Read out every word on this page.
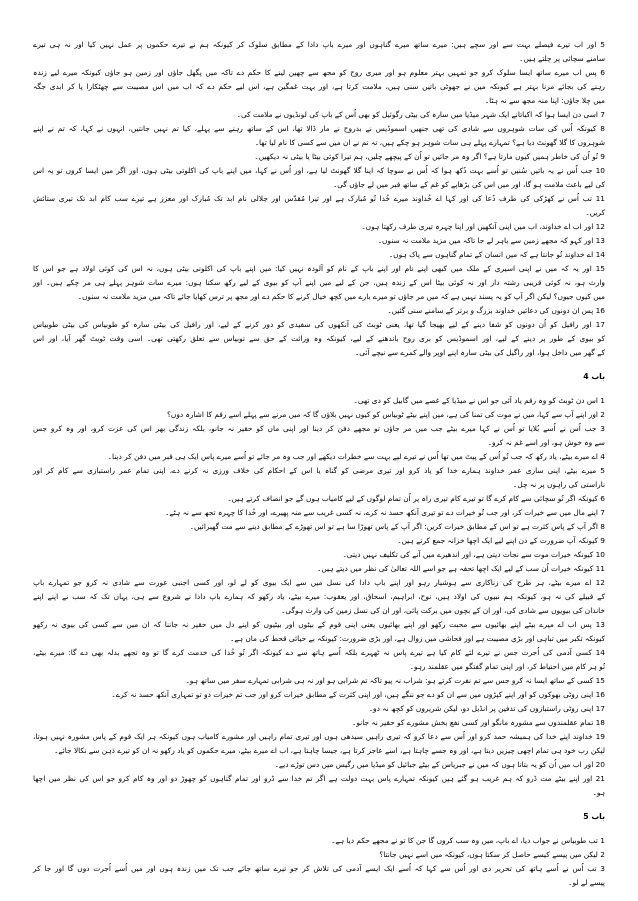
5 اور اب تیرے فیصلے بہت سے اور سچے ہیں: میرے ساتھ میرے گناہوں اور میرے باپ دادا کے مطابق سلوک کر کیونکہ ہم نے تیرے حکموں پر عمل نہیں کیا اور نہ ہی تیرے
سامنے سچائی پر چلتے ہیں۔
6 پس اب میرے ساتھ ایسا سلوک کرو جو تمہیں بہتر معلوم ہو اور میری روح کو مجھ سے چھین لینے کا حکم دے تاکہ میں پگھل جاؤں اور زمین ہو جاؤں کیونکہ میرے لیے زندہ
رہنے کی بجائے مرنا بہتر ہے کیونکہ میں نے جھوٹی باتیں سنی ہیں، ملامت کرتا ہے، اور بہت غمگین ہے، اس لیے حکم دے کہ اب میں اس مصیبت سے چھٹکارا پا کر ابدی جگہ
میں چلا جاؤں: اپنا منہ مجھ سے نہ ہٹا۔
7 اسی دن ایسا ہوا کہ اکباتانے ایک شہر میڈیا میں سارہ کی بیٹی رگوئیل کو بھی اُس کے باپ کی لونڈیوں نے ملامت کی۔
8 کیونکہ اُس کی سات شوہروں سے شادی کی تھی جنھیں اسموڈیس نے بدروح نے مار ڈالا تھا، اس کے ساتھ رہنے سے پہلے، کیا تم نہیں جانتیں، انہوں نے کہا، کہ تم نے اپنے
شوہروں کا گلا گھونٹ دیا ہے؟ تمہارے پہلے ہی سات شوہر ہو چکے ہیں، نہ تم نے ان میں سے کسی کا نام لیا تھا۔
9 تُو اُن کی خاطر ہمیں کیوں مارتا ہے؟ اگر وہ مر جائیں تو اُن کے پیچھے چلیں، ہم تیرا کوئی بیٹا یا بیٹی نہ دیکھیں۔
10 جب اُس نے یہ باتیں سُنیں تو اُسے بہت دُکھ ہوا کہ اُس نے سوچا کہ اپنا گلا گھونٹ لیا ہے، اور اُس نے کہا، میں اپنے باپ کی اکلوتی بیٹی ہوں، اور اگر میں ایسا کروں تو یہ اس
کی لیے باعث ملامت ہو گا، اور میں اس کی بڑھاپے کو غم کے ساتھ قبر میں لے جاؤں گی۔
11 تب اُس نے کھڑکی کی طرف دُعا کی اور کہا اے خُداوند میرے خُدا تُو مُبارک ہے اور تیرا مُقدّس اور جلالی نام ابد تک مُبارک اور معزز ہے تیرے سب کام ابد تک تیری ستائش
کریں۔
12 اور اب اے خداوند، اب میں اپنی آنکھیں اور اپنا چہرہ تیری طرف رکھتا ہوں۔
13 اور کہو کہ مجھے زمین سے باہر لے جا تاکہ میں مزید ملامت نہ سنوں۔
14 اے خداوند تُو جانتا ہے کہ میں انسان کے تمام گناہوں سے پاک ہوں۔
15 اور یہ کہ میں نے اپنی اسیری کے ملک میں کبھی اپنے نام اور اپنے باپ کے نام کو آلودہ نہیں کیا: میں اپنے باپ کی اکلوتی بیٹی ہوں، نہ اس کی کوئی اولاد ہے جو اس کا
وارث ہو، نہ کوئی قریبی رشتہ دار اور نہ کوئی بیٹا اس کے زندہ ہیں، جن کے لیے میں اپنے آپ کو بیوی کے لیے رکھ سکتا ہوں: میرے سات شوہر پہلے ہی مر چکے ہیں۔ اور
میں کیوں جیوں؟ لیکن اگر آپ کو یہ پسند نہیں ہے کہ میں مر جاؤں تو میرے بارے میں کچھ خیال کرنے کا حکم دے اور مجھ پر ترس کھایا جائے تاکہ میں مزید ملامت نہ سنوں۔
16 پس ان دونوں کی دعائیں خداوند بزرگ و برتر کے سامنے سنی گئیں۔
17 اور رافیل کو اُن دونوں کو شفا دینے کے لیے بھیجا گیا تھا، یعنی ٹوبٹ کی آنکھوں کی سفیدی کو دور کرنے کے لیے، اور رافیل کی بیٹی سارہ کو طوبیاس کی بیٹی طوبیاس
کو بیوی کے طور پر دینے کے لیے، اور اسموڈیس کو بری روح باندھنے کے لیے، کیونکہ وہ وراثت کے حق سے توبیاس سے تعلق رکھتی تھی۔ اسی وقت ٹوبٹ گھر آیا، اور اس
کے گھر میں داخل ہوا، اور راگیل کی بیٹی سارہ اپنے اوپر والے کمرے سے نیچے آئی۔
باب 4
1 اس دن ٹوبٹ کو وہ رقم یاد آئی جو اس نے میڈیا کے غصے میں گابیل کو دی تھی۔
2 اور اپنے آپ سے کہا، میں نے موت کی تمنا کی ہے، میں اپنے بیٹے ٹوبیاس کو کیوں نہیں بلاؤں گا کہ میں مرنے سے پہلے اسے رقم کا اشارہ دوں؟
3 جب اُس نے اُسے بُلایا تو اُس نے کہا میرے بیٹے جب میں مر جاؤں تو مجھے دفن کر دینا اور اپنی ماں کو حقیر نہ جانو، بلکہ زندگی بھر اس کی عزت کرو، اور وہ کرو جس
سے وہ خوش ہو، اور اسے غم نہ کرو۔
4 اے میرے بیٹے، یاد رکھ کہ جب تُو اُس کے پیٹ میں تھا اُس نے تیرے لیے بہت سے خطرات دیکھے اور جب وہ مر جائے تو اُسے میرے پاس ایک ہی قبر میں دفن کر دینا۔
5 میرے بیٹے، اپنی ساری عمر خداوند ہمارے خدا کو یاد کرو اور تیری مرضی کو گناہ یا اس کے احکام کی خلاف ورزی نہ کرنے دے، اپنی تمام عمر راستبازی سے کام کر اور
ناراستی کی راہوں پر نہ چل۔
6 کیونکہ اگر تُو سچائی سے کام کرے گا تو تیرے کام تیری راہ پر اُن تمام لوگوں کے لیے کامیاب ہوں گے جو انصاف کرتے ہیں۔
7 اپنے مال میں سے خیرات کر، اور جب تُو خیرات دے تو تیری آنکھ حسد نہ کرے، نہ کسی غریب سے منہ پھیرے، اور خُدا کا چہرہ تجھ سے نہ ہٹے۔
8 اگر آپ کے پاس کثرت ہے تو اس کے مطابق خیرات کریں: اگر آپ کے پاس تھوڑا سا ہے تو اس تھوڑے کے مطابق دینے سے مت گھبرائیں۔
9 کیونکہ آپ ضرورت کے دن اپنے لیے ایک اچھا خزانہ جمع کرتے ہیں۔
10 کیونکہ خیرات موت سے نجات دیتی ہے، اور اندھیرے میں آنے کی تکلیف نہیں دیتی۔
11 کیونکہ خیرات اُن سب کے لیے ایک اچھا تحفہ ہے جو اسے اللہ تعالیٰ کی نظر میں دیتے ہیں۔
12 اے میرے بیٹے، ہر طرح کی زناکاری سے ہوشیار رہو اور اپنے باپ دادا کی نسل میں سے ایک بیوی کو لے لو، اور کسی اجنبی عورت سے شادی نہ کرو جو تمہارے باپ
کے قبیلے کی نہ ہو، کیونکہ ہم نبیوں کی اولاد ہیں، نوح، ابراہیم، اسحاق، اور یعقوب: میرے بیٹے، یاد رکھو کہ ہمارے باپ دادا نے شروع سے ہی، یہاں تک کہ سب نے اپنے اپنے
خاندان کی بیویوں سے شادی کی، اور ان کے بچوں میں برکت پائی، اور ان کی نسل زمین کی وارث ہوگی۔
13 پس اب اے میرے بیٹے اپنے بھائیوں سے محبت رکھو اور اپنے بھائیوں یعنی اپنی قوم کے بیٹوں اور بیٹیوں کو اپنے دل میں حقیر نہ جاننا کہ ان میں سے کسی کی بیوی نہ رکھو
کیونکہ تکبر میں تباہی اور بڑی مصیبت ہے اور فحاشی میں زوال ہے، اور بڑی ضرورت: کیونکہ بے حیائی قحط کی ماں ہے۔
14 کسی آدمی کی اُجرت جس نے تیرے لئے کام کیا ہے تیرے پاس نہ ٹھہرے بلکہ اُسے ہاتھ سے دے کیونکہ اگر تُو خُدا کی خدمت کرے گا تو وہ تجھے بدلہ بھی دے گا: میرے بیٹے،
تُو ہر کام میں احتیاط کر، اور اپنی تمام گفتگو میں عقلمند رہو۔
15 کسی کے ساتھ ایسا نہ کرو جس سے تم نفرت کرتے ہو: شراب نہ پیو تاکہ تم شرابی ہو اور نہ ہی شرابی تمہارے سفر میں ساتھ ہو۔
16 اپنی روٹی بھوکوں کو اور اپنے کپڑوں میں سے ان کو دے جو ننگے ہیں، اور اپنی کثرت کے مطابق خیرات کرو اور جب تم خیرات دو تو تمہاری آنکھ حسد نہ کرے۔
17 اپنی روٹی راستبازوں کی تدفین پر انڈیل دو، لیکن شریروں کو کچھ نہ دو۔
18 تمام عقلمندوں سے مشورہ مانگو اور کسی نفع بخش مشورے کو حقیر نہ جانو۔
19 خداوند اپنے خدا کی ہمیشہ حمد کرو اور اُس سے دعا کرو کہ تیری راہیں سیدھی ہوں اور تیری تمام راہیں اور مشورے کامیاب ہوں کیونکہ ہر ایک قوم کے پاس مشورہ نہیں ہوتا،
لیکن رب خود ہی تمام اچھی چیزیں دیتا ہے، اور وہ جسے چاہتا ہے، اسے عاجز کرتا ہے، جیسا چاہتا ہے، اب اے میرے بیٹے، میرے حکموں کو یاد رکھو نہ ان کو تیرے ذہن سے نکالا جائے۔
20 اور اب میں اُن کو یہ بتاتا ہوں کہ میں نے جبریاس کے بیٹے جبائیل کو میڈیا میں رگیس میں دس توڑے دیے۔
21 اور اپنے بیٹے مت ڈرو کہ ہم غریب ہو گئے ہیں کیونکہ تمہارے پاس بہت دولت ہے اگر تم خدا سے ڈرو اور تمام گناہوں کو چھوڑ دو اور وہ کام کرو جو اس کی نظر میں اچھا
ہو۔
باب 5
1 تب طوبیاس نے جواب دیا، اے باپ، میں وہ سب کروں گا جن کا تو نے مجھے حکم دیا ہے۔
2 لیکن میں پیسے کیسے حاصل کر سکتا ہوں، کیونکہ میں اسے نہیں جانتا؟
3 تب اُس نے اُسے ہاتھ کی تحریر دی اور اُس سے کہا کہ اُسے ایک ایسے آدمی کی تلاش کر جو تیرے ساتھ جائے جب تک میں زندہ ہوں اور میں اُسے اُجرت دوں گا اور جا کر
پیسے لے لو۔
